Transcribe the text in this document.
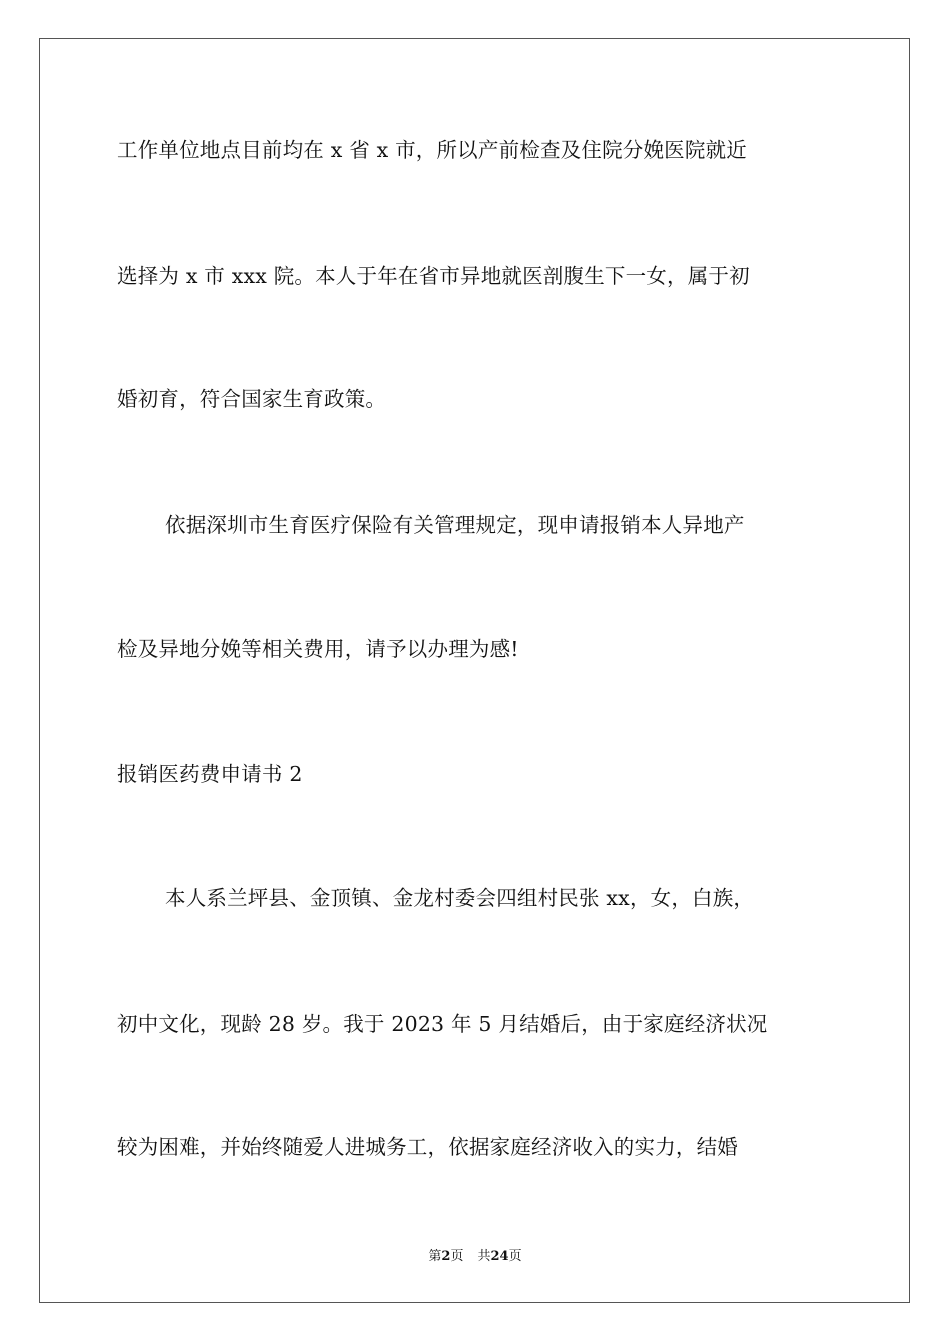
工作单位地点目前均在 x 省 x 市，所以产前检查及住院分娩医院就近
选择为 x 市 xxx 院。本人于年在省市异地就医剖腹生下一女，属于初
婚初育，符合国家生育政策。
依据深圳市生育医疗保险有关管理规定，现申请报销本人异地产
检及异地分娩等相关费用，请予以办理为感!
报销医药费申请书 2
本人系兰坪县、金顶镇、金龙村委会四组村民张 xx，女，白族，
初中文化，现龄 28 岁。我于 2023 年 5 月结婚后，由于家庭经济状况
较为困难，并始终随爱人进城务工，依据家庭经济收入的实力，结婚
第2页 共24页
